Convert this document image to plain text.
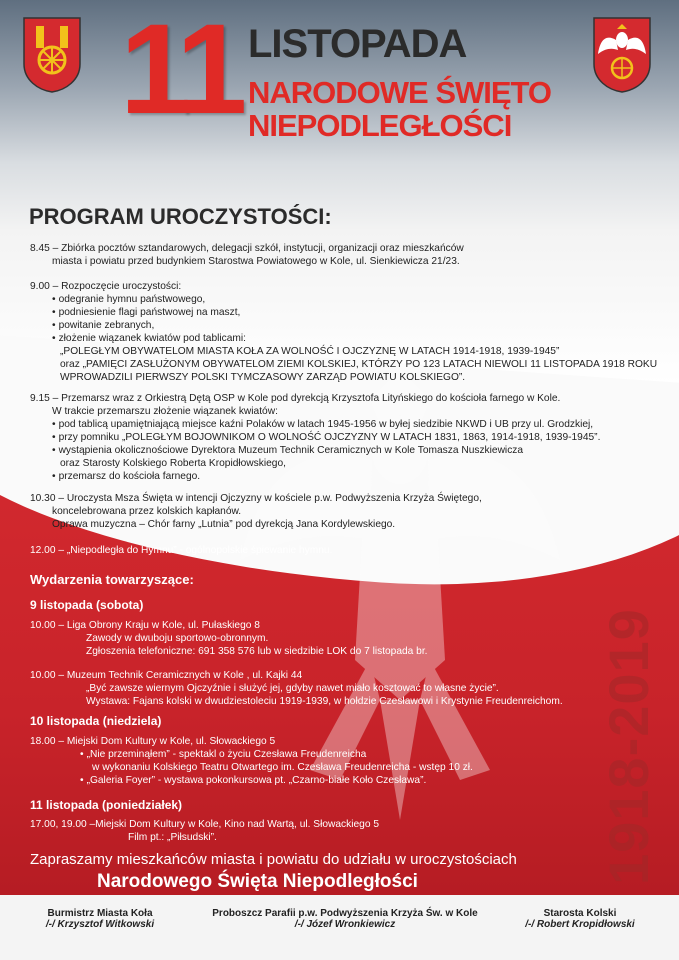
11 LISTOPADA
NARODOWE ŚWIĘTO
NIEPODLEGŁOŚCI
PROGRAM UROCZYSTOŚCI:
8.45 – Zbiórka pocztów sztandarowych, delegacji szkół, instytucji, organizacji oraz mieszkańców
miasta i powiatu przed budynkiem Starostwa Powiatowego w Kole, ul. Sienkiewicza 21/23.
9.00 – Rozpoczęcie uroczystości:
• odegranie hymnu państwowego,
• podniesienie flagi państwowej na maszt,
• powitanie zebranych,
• złożenie wiązanek kwiatów pod tablicami:
„POLEGŁYM OBYWATELOM MIASTA KOŁA ZA WOLNOŚĆ I OJCZYZNĘ W LATACH 1914-1918, 1939-1945”
oraz „PAMIĘCI ZASŁUŻONYM OBYWATELOM ZIEMI KOLSKIEJ, KTÓRZY PO 123 LATACH NIEWOLI 11 LISTOPADA 1918 ROKU
WPROWADZILI PIERWSZY POLSKI TYMCZASOWY ZARZĄD POWIATU KOLSKIEGO”.
9.15 – Przemarsz wraz z Orkiestrą Dętą OSP w Kole pod dyrekcją Krzysztofa Lityńskiego do kościoła farnego w Kole.
W trakcie przemarszu złożenie wiązanek kwiatów:
• pod tablicą upamiętniającą miejsce kaźni Polaków w latach 1945-1956 w byłej siedzibie NKWD i UB przy ul. Grodzkiej,
• przy pomniku „POLEGŁYM BOJOWNIKOM O WOLNOŚĆ OJCZYZNY W LATACH 1831, 1863, 1914-1918, 1939-1945”.
• wystąpienia okolicznościowe Dyrektora Muzeum Technik Ceramicznych w Kole Tomasza Nuszkiewicza
oraz Starosty Kolskiego Roberta Kropidłowskiego,
• przemarsz do kościoła farnego.
10.30 – Uroczysta Msza Święta w intencji Ojczyzny w kościele p.w. Podwyższenia Krzyża Świętego,
koncelebrowana przez kolskich kapłanów.
Oprawa muzyczna – Chór farny „Lutnia” pod dyrekcją Jana Kordylewskiego.
12.00 – „Niepodległa do Hymnu” - ogólnopolskie śpiewanie hymnu.
Wydarzenia towarzyszące:
9 listopada (sobota)
10.00 – Liga Obrony Kraju w Kole, ul. Pułaskiego 8
Zawody w dwuboju sportowo-obronnym.
Zgłoszenia telefoniczne: 691 358 576 lub w siedzibie LOK do 7 listopada br.
10.00 – Muzeum Technik Ceramicznych w Kole , ul. Kajki 44
„Być zawsze wiernym Ojczyźnie i służyć jej, gdyby nawet miało kosztować to własne życie”.
Wystawa: Fajans kolski w dwudziestoleciu 1919-1939, w hołdzie Czesławowi i Krystynie Freudenreichom.
10 listopada (niedziela)
18.00 – Miejski Dom Kultury w Kole, ul. Słowackiego 5
• „Nie przeminąłem” - spektakl o życiu Czesława Freudenreicha
w wykonaniu Kolskiego Teatru Otwartego im. Czesława Freudenreicha - wstęp 10 zł.
• „Galeria Foyer” - wystawa pokonkursowa pt. „Czarno-białe Koło Czesława”.
11 listopada (poniedziałek)
17.00, 19.00 –Miejski Dom Kultury w Kole, Kino nad Wartą, ul. Słowackiego 5
Film pt.: „Piłsudski”.	1918-2019
Zapraszamy mieszkańców miasta i powiatu do udziału w uroczystościach
Narodowego Święta Niepodległości
Burmistrz Miasta Koła
/-/ Krzysztof Witkowski
Proboszcz Parafii p.w. Podwyższenia Krzyża Św. w Kole
/-/ Józef Wronkiewicz
Starosta Kolski
/-/ Robert Kropidłowski
